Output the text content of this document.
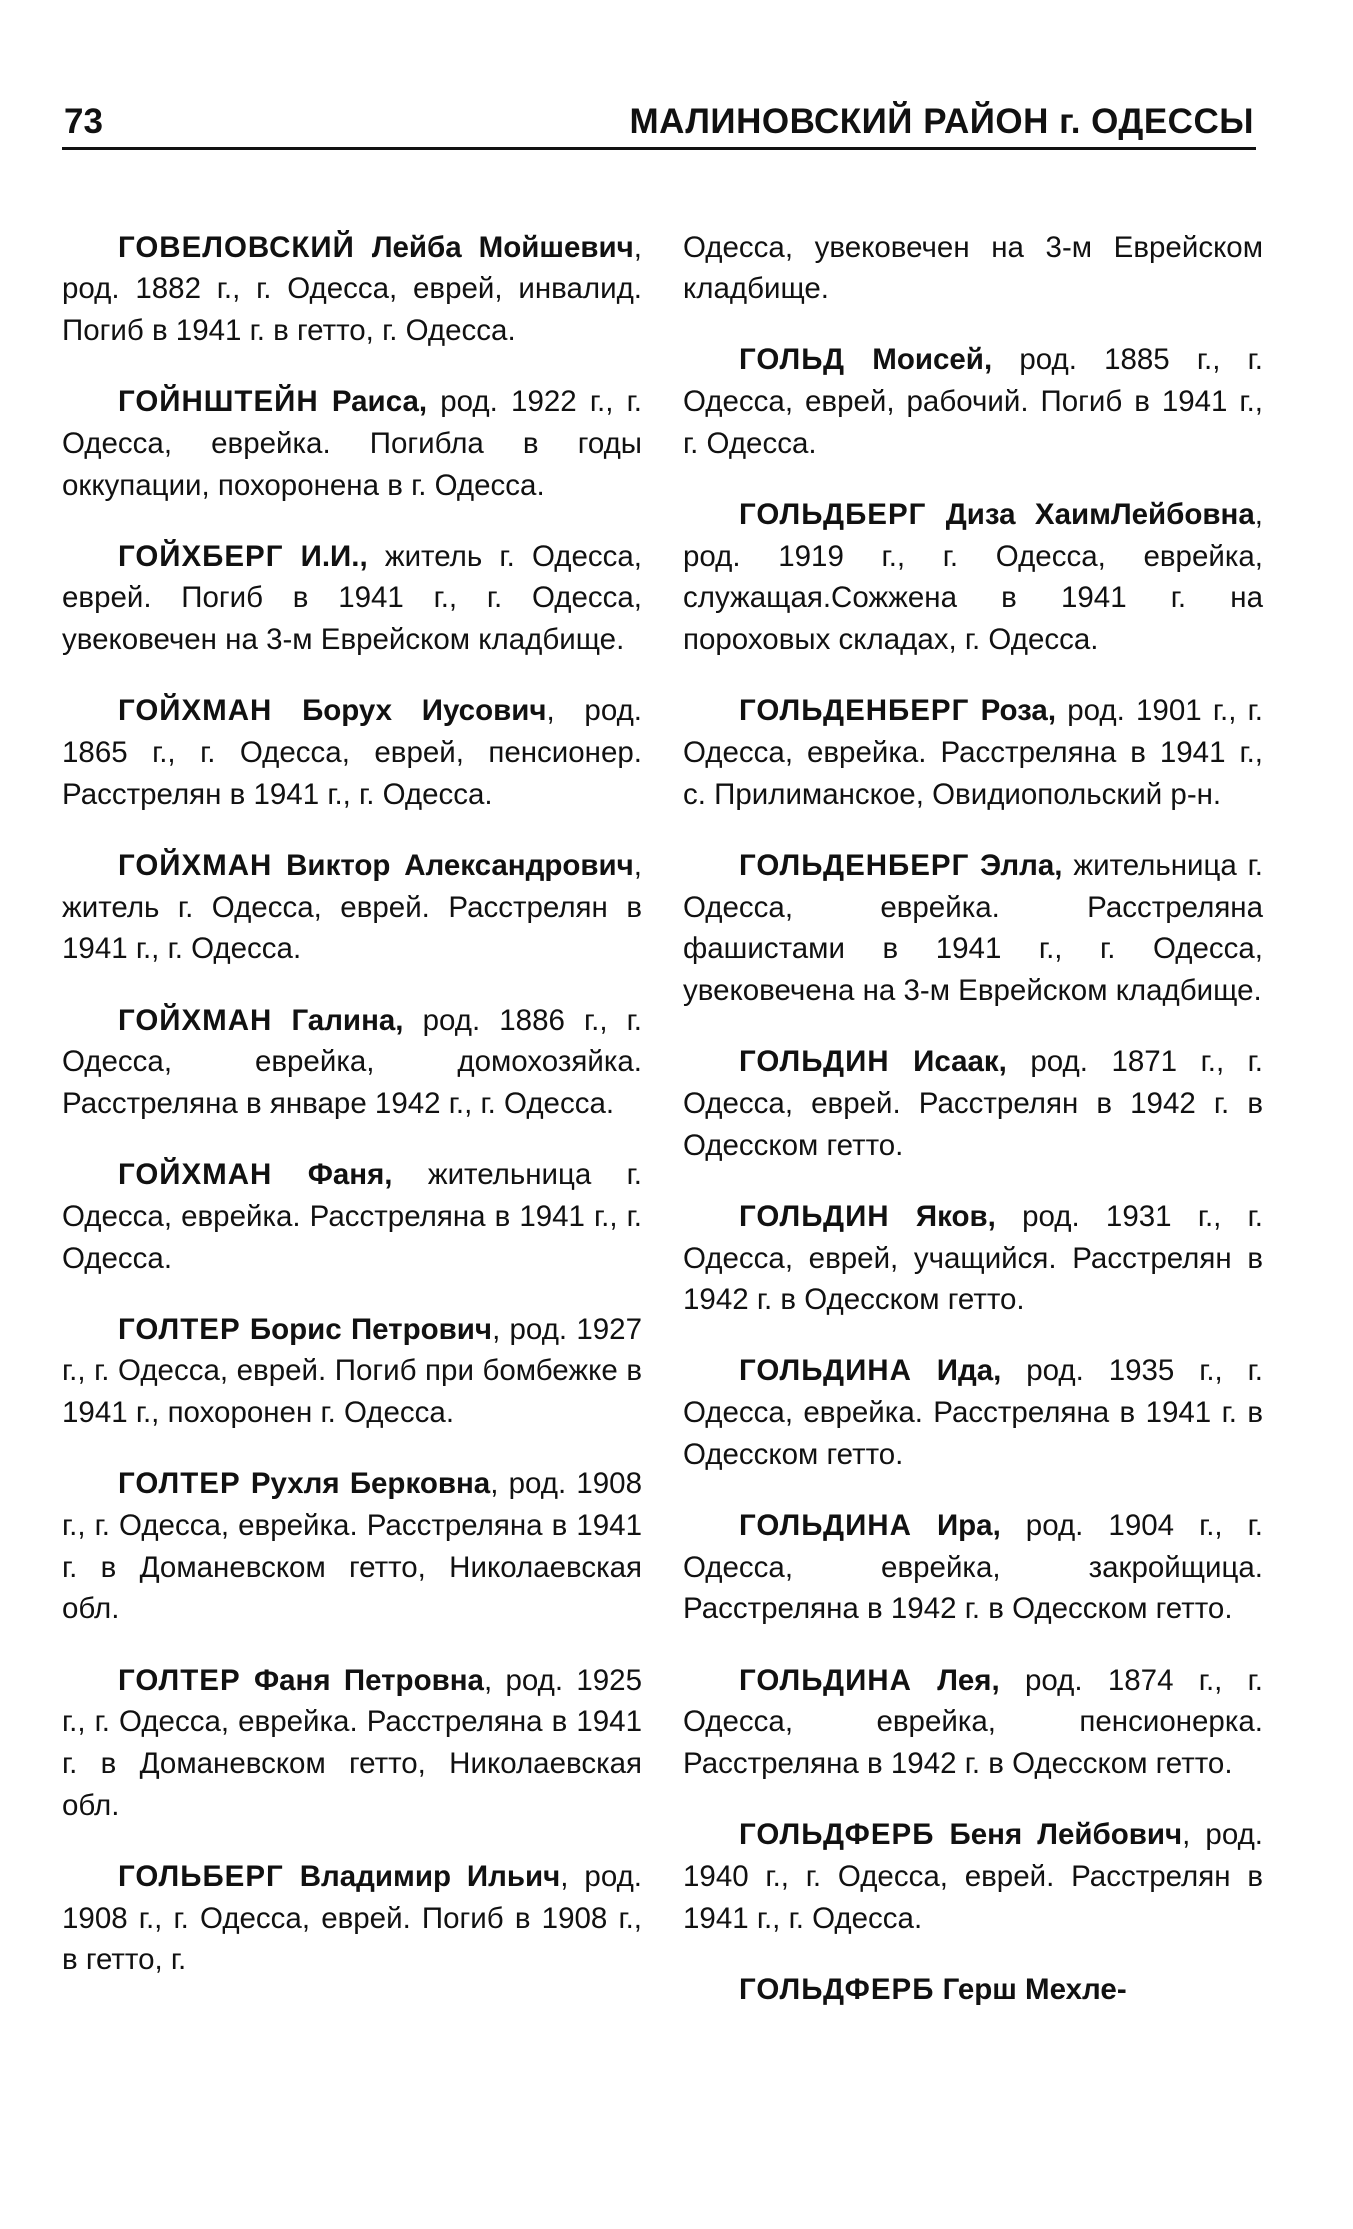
73	МАЛИНОВСКИЙ РАЙОН г. ОДЕССЫ

ГОВЕЛОВСКИЙ Лейба Мойшевич, род. 1882 г., г. Одесса, еврей, инвалид. Погиб в 1941 г. в гетто, г. Одесса.

ГОЙНШТЕЙН Раиса, род. 1922 г., г. Одесса, еврейка. Погибла в годы оккупации, похоронена в г. Одесса.

ГОЙХБЕРГ И.И., житель г. Одесса, еврей. Погиб в 1941 г., г. Одесса, увековечен на 3-м Еврейском кладбище.

ГОЙХМАН Борух Иусович, род. 1865 г., г. Одесса, еврей, пенсионер. Расстрелян в 1941 г., г. Одесса.

ГОЙХМАН Виктор Александрович, житель г. Одесса, еврей. Расстрелян в 1941 г., г. Одесса.

ГОЙХМАН Галина, род. 1886 г., г. Одесса, еврейка, домохозяйка. Расстреляна в январе 1942 г., г. Одесса.

ГОЙХМАН Фаня, жительница г. Одесса, еврейка. Расстреляна в 1941 г., г. Одесса.

ГОЛТЕР Борис Петрович, род. 1927 г., г. Одесса, еврей. Погиб при бомбежке в 1941 г., похоронен г. Одесса.

ГОЛТЕР Рухля Берковна, род. 1908 г., г. Одесса, еврейка. Расстреляна в 1941 г. в Доманевском гетто, Николаевская обл.

ГОЛТЕР Фаня Петровна, род. 1925 г., г. Одесса, еврейка. Расстреляна в 1941 г. в Доманевском гетто, Николаевская обл.

ГОЛЬБЕРГ Владимир Ильич, род. 1908 г., г. Одесса, еврей. Погиб в 1908 г., в гетто, г.

Одесса, увековечен на 3-м Еврейском кладбище.

ГОЛЬД Моисей, род. 1885 г., г. Одесса, еврей, рабочий. Погиб в 1941 г., г. Одесса.

ГОЛЬДБЕРГ Диза ХаимЛейбовна, род. 1919 г., г. Одесса, еврейка, служащая.Сожжена в 1941 г. на пороховых складах, г. Одесса.

ГОЛЬДЕНБЕРГ Роза, род. 1901 г., г. Одесса, еврейка. Расстреляна в 1941 г., с. Прилиманское, Овидиопольский р-н.

ГОЛЬДЕНБЕРГ Элла, жительница г. Одесса, еврейка. Расстреляна фашистами в 1941 г., г. Одесса, увековечена на 3-м Еврейском кладбище.

ГОЛЬДИН Исаак, род. 1871 г., г. Одесса, еврей. Расстрелян в 1942 г. в Одесском гетто.

ГОЛЬДИН Яков, род. 1931 г., г. Одесса, еврей, учащийся. Расстрелян в 1942 г. в Одесском гетто.

ГОЛЬДИНА Ида, род. 1935 г., г. Одесса, еврейка. Расстреляна в 1941 г. в Одесском гетто.

ГОЛЬДИНА Ира, род. 1904 г., г. Одесса, еврейка, закройщица. Расстреляна в 1942 г. в Одесском гетто.

ГОЛЬДИНА Лея, род. 1874 г., г. Одесса, еврейка, пенсионерка. Расстреляна в 1942 г. в Одесском гетто.

ГОЛЬДФЕРБ Беня Лейбович, род. 1940 г., г. Одесса, еврей. Расстрелян в 1941 г., г. Одесса.

ГОЛЬДФЕРБ Герш Мехле-
